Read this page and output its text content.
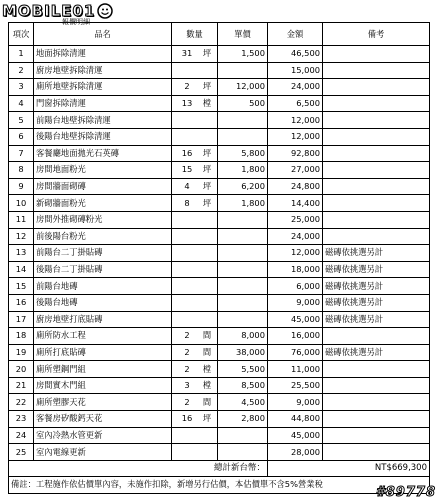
MOBILE01
報價明細
項次	品名	數量	單價	金額	備考
1	地面拆除清運	31 坪	1,500	46,500	
2	廚房地壁拆除清運			15,000	
3	廁所地壁拆除清運	2 坪	12,000	24,000	
4	門窗拆除清運	13 樘	500	6,500	
5	前陽台地壁拆除清運			12,000	
6	後陽台地壁拆除清運			12,000	
7	客餐廳地面拋光石英磚	16 坪	5,800	92,800	
8	房間地面粉光	15 坪	1,800	27,000	
9	房間牆面砌磚	4 坪	6,200	24,800	
10	新砌牆面粉光	8 坪	1,800	14,400	
11	房間外推砌磚粉光			25,000	
12	前後陽台粉光			24,000	
13	前陽台二丁掛貼磚			12,000	磁磚依挑選另計
14	後陽台二丁掛貼磚			18,000	磁磚依挑選另計
15	前陽台地磚			6,000	磁磚依挑選另計
16	後陽台地磚			9,000	磁磚依挑選另計
17	廚房地壁打底貼磚			45,000	磁磚依挑選另計
18	廁所防水工程	2 間	8,000	16,000	
19	廁所打底貼磚	2 間	38,000	76,000	磁磚依挑選另計
20	廁所塑鋼門組	2 樘	5,500	11,000	
21	房間實木門組	3 樘	8,500	25,500	
22	廁所塑膠天花	2 間	4,500	9,000	
23	客餐房矽酸鈣天花	16 坪	2,800	44,800	
24	室內冷熱水管更新			45,000	
25	室內電線更新			28,000	
總計新台幣：				NT$669,300	
備註：工程施作依估價單內容，未施作扣除，新增另行估價，本估價單不含5%營業稅					
#89778
